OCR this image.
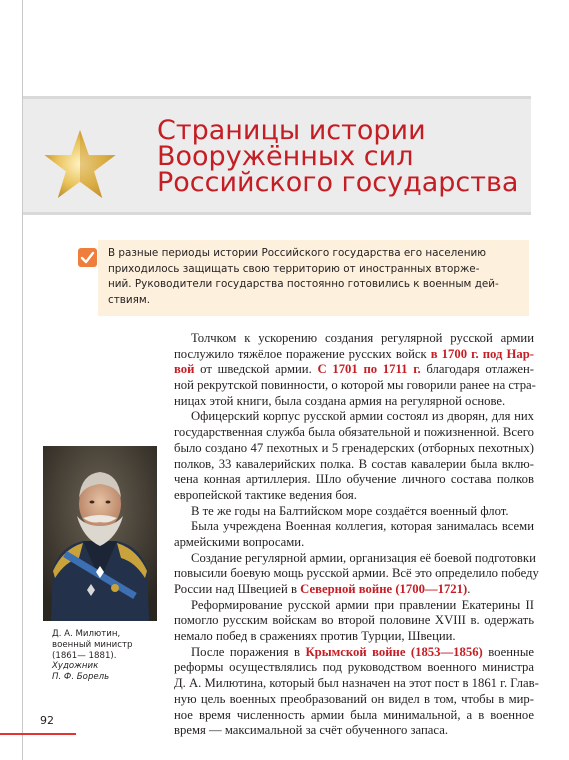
Страницы истории
Вооружённых сил
Российского государства
В разные периоды истории Российского государства его населению
приходилось защищать свою территорию от иностранных вторже-
ний. Руководители государства постоянно готовились к военным дей-
ствиям.
Д. А. Милютин,
военный министр
(1861— 1881).
Художник
П. Ф. Борель
Толчком к ускорению создания регулярной русской армии
послужило тяжёлое поражение русских войск в 1700 г. под Нар-
вой от шведской армии. С 1701 по 1711 г. благодаря отлажен-
ной рекрутской повинности, о которой мы говорили ранее на стра-
ницах этой книги, была создана армия на регулярной основе.
Офицерский корпус русской армии состоял из дворян, для них
государственная служба была обязательной и пожизненной. Всего
было создано 47 пехотных и 5 гренадерских (отборных пехотных)
полков, 33 кавалерийских полка. В состав кавалерии была вклю-
чена конная артиллерия. Шло обучение личного состава полков
европейской тактике ведения боя.
В те же годы на Балтийском море создаётся военный флот.
Была учреждена Военная коллегия, которая занималась всеми
армейскими вопросами.
Создание регулярной армии, организация её боевой подготовки
повысили боевую мощь русской армии. Всё это определило победу
России над Швецией в Северной войне (1700—1721).
Реформирование русской армии при правлении Екатерины II
помогло русским войскам во второй половине XVIII в. одержать
немало побед в сражениях против Турции, Швеции.
После поражения в Крымской войне (1853—1856) военные
реформы осуществлялись под руководством военного министра
Д. А. Милютина, который был назначен на этот пост в 1861 г. Глав-
ную цель военных преобразований он видел в том, чтобы в мир-
ное время численность армии была минимальной, а в военное
время — максимальной за счёт обученного запаса.
92
